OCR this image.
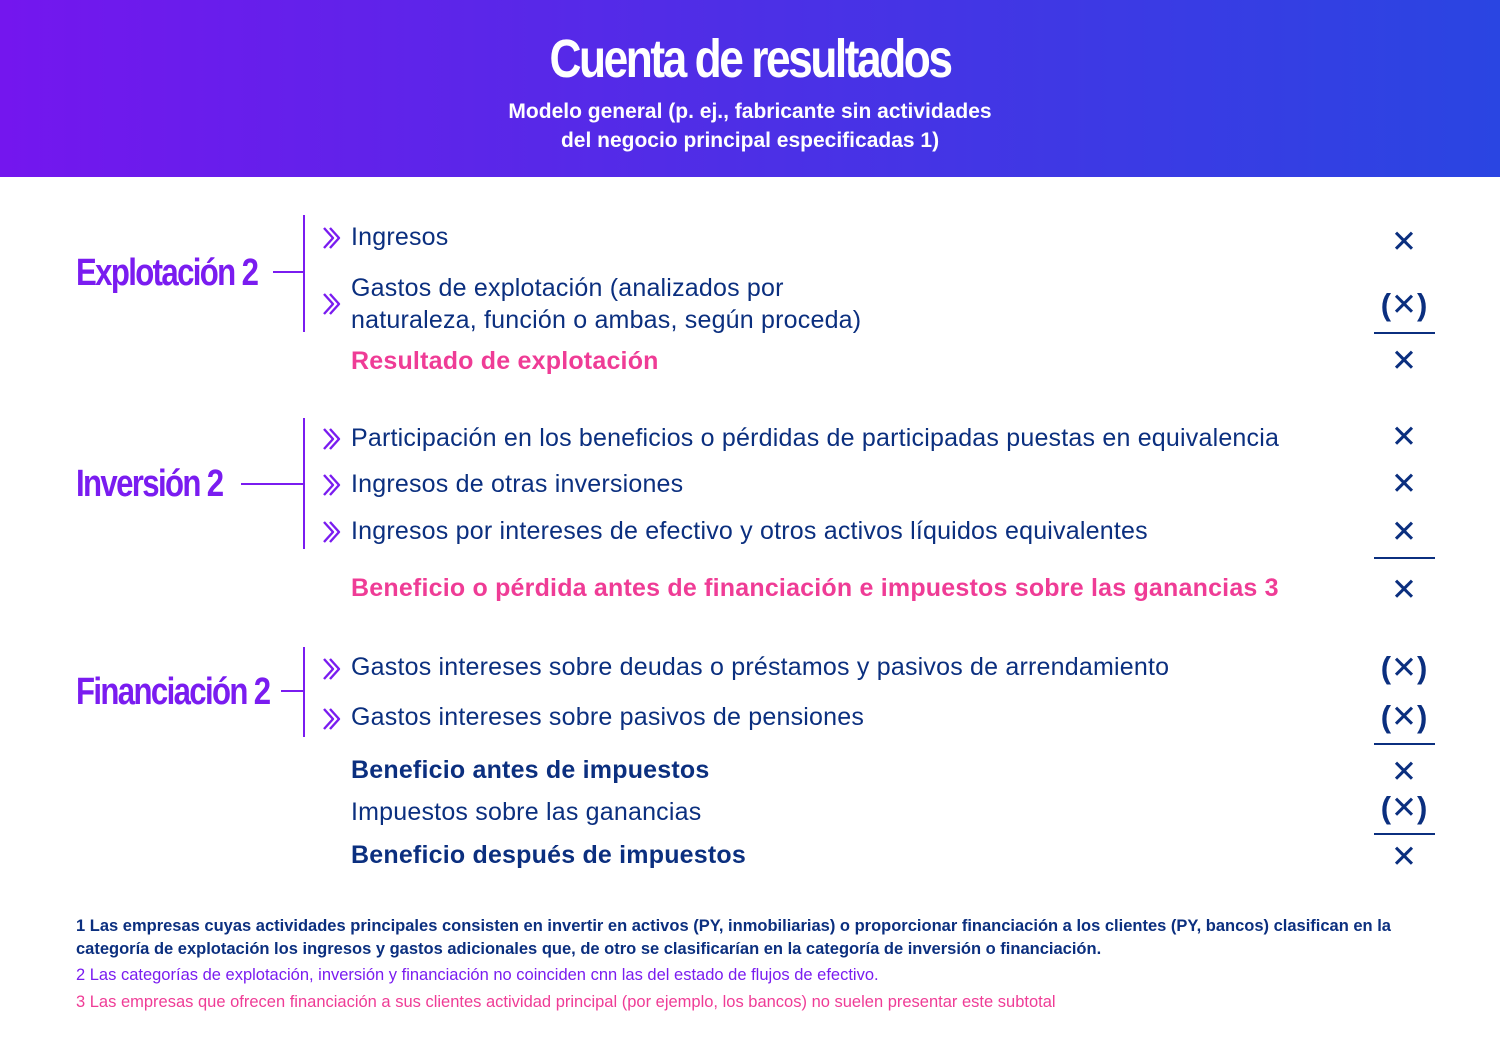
Cuenta de resultados
Modelo general (p. ej., fabricante sin actividades
del negocio principal especificadas 1)
Explotación 2
Ingresos	✕
Gastos de explotación (analizados por
naturaleza, función o ambas, según proceda)	(✕)
Resultado de explotación	✕
Inversión 2
Participación en los beneficios o pérdidas de participadas puestas en equivalencia	✕
Ingresos de otras inversiones	✕
Ingresos por intereses de efectivo y otros activos líquidos equivalentes	✕
Beneficio o pérdida antes de financiación e impuestos sobre las ganancias 3	✕
Financiación 2
Gastos intereses sobre deudas o préstamos y pasivos de arrendamiento	(✕)
Gastos intereses sobre pasivos de pensiones	(✕)
Beneficio antes de impuestos	✕
Impuestos sobre las ganancias	(✕)
Beneficio después de impuestos	✕
1 Las empresas cuyas actividades principales consisten en invertir en activos (PY, inmobiliarias) o proporcionar financiación a los clientes (PY, bancos) clasifican en la categoría de explotación los ingresos y gastos adicionales que, de otro se clasificarían en la categoría de inversión o financiación.
2 Las categorías de explotación, inversión y financiación no coinciden cnn las del estado de flujos de efectivo.
3 Las empresas que ofrecen financiación a sus clientes actividad principal (por ejemplo, los bancos) no suelen presentar este subtotal
